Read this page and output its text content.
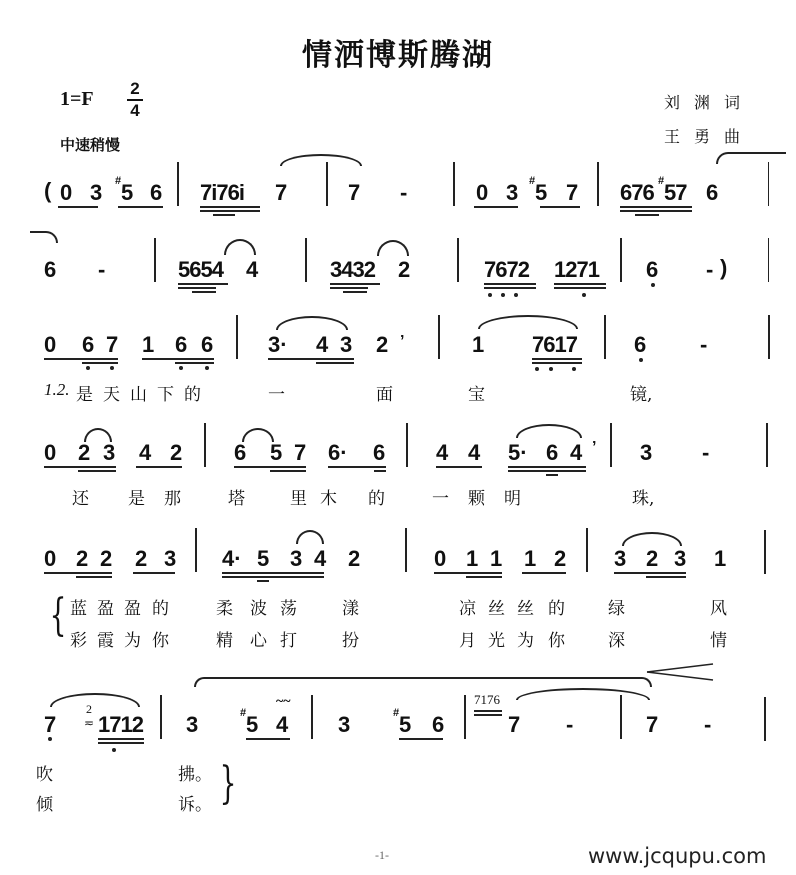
情洒博斯腾湖
1=F 2
4
中速稍慢
刘渊词
王勇曲
( 0 3 # 5 6 7i76i 7	7 -	0 3 # 5 7 676 # 57 6
6 -	5654 4	3432 2	7672 1271 6 - )
0 6 7 1 6 6 3· 4 3 2 ʼ	1 7617	6 -
1.2. 是天山下的	一	面	宝	镜,
0 2 3 4 2 6 5 7 6· 6 4 4 5· 6 4 ʼ 3 -
还 是 那	塔	里 木 的	一 颗 明	珠,
0 2 2 2 3 4· 5 3 4 2	0 1 1 1 2 3 2 3 1
{ 蓝 盈 盈 的	柔 波 荡	漾	凉 丝 丝 的	绿	风
彩 霞 为 你	精 心 打	扮	月 光 为 你	深	情
7
2
≂ 1712 3	# 5
~~
4 3	# 5 6
7176
7 -	7 -
吹	拂。
倾	诉。 }
-1-	www.jcqupu.com
